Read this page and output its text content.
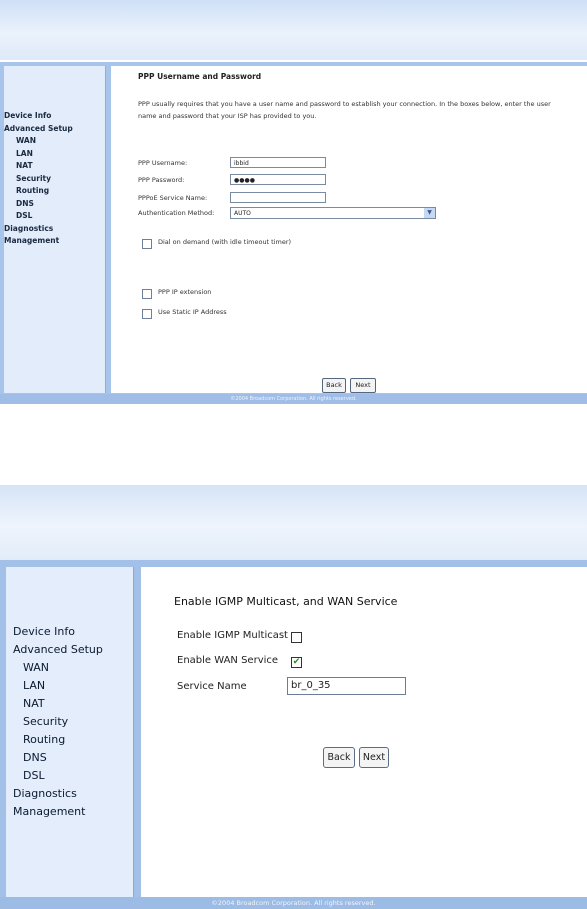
Device Info
Advanced Setup
WAN
LAN
NAT
Security
Routing
DNS
DSL
Diagnostics
Management
PPP Username and Password
PPP usually requires that you have a user name and password to establish your connection. In the boxes below, enter the user name and password that your ISP has provided to you.
PPP Username:	ibbid
PPP Password:	●●●●
PPPoE Service Name:
Authentication Method:	AUTO	▼
Dial on demand (with idle timeout timer)
PPP IP extension
Use Static IP Address
Back	Next
©2004 Broadcom Corporation. All rights reserved.
Device Info
Advanced Setup
WAN
LAN
NAT
Security
Routing
DNS
DSL
Diagnostics
Management
Enable IGMP Multicast, and WAN Service
Enable IGMP Multicast
Enable WAN Service ✔
Service Name	br_0_35
Back	Next
©2004 Broadcom Corporation. All rights reserved.
